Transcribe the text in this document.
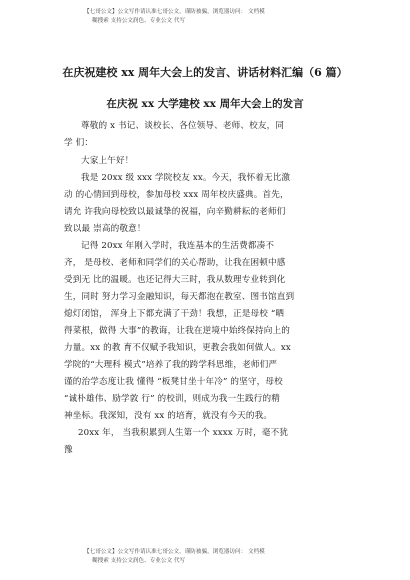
【七哥公文】公文写作请认准七哥公文，谨防被骗，浏览器访问： 文档模
糊搜索 支持公文润色、专业公文 代写
在庆祝建校 xx 周年大会上的发言、讲话材料汇编（6 篇）
在庆祝 xx 大学建校 xx 周年大会上的发言
尊敬的 x 书记、谈校长、各位领导、老师、校友，同
学 们：
大家上午好！
我是 20xx 级 xxx 学院校友 xx。今天，我怀着无比激
动 的心情回到母校，参加母校 xxx 周年校庆盛典。首先，
请允 许我向母校致以最诚挚的祝福，向辛勤耕耘的老师们
致以最 崇高的敬意！
记得 20xx 年刚入学时，我连基本的生活费都凑不
齐， 是母校、老师和同学们的关心帮助，让我在困顿中感
受到无 比的温暖。也还记得大三时，我从数理专业转到化
生，同时 努力学习金融知识，每天都泡在教室、图书馆直到
熄灯闭馆， 浑身上下都充满了干劲！我想，正是母校 “晒
得菜根，做得 大事”的教诲，让我在逆境中始终保持向上的
力量。xx 的教 育不仅赋予我知识，更教会我如何做人。xx
学院的“大理科 模式”培养了我的跨学科思维，老师们严
谨的治学态度让我 懂得 “板凳甘坐十年冷” 的坚守，母校
“诚朴雄伟、励学敦 行” 的校训，则成为我一生践行的精
神坐标。我深知，没有 xx 的培育，就没有今天的我。
20xx 年， 当我积累到人生第一个 xxxx 万时，毫不犹
豫
【七哥公文】公文写作请认准七哥公文，谨防被骗，浏览器访问： 文档模
糊搜索 支持公文润色、专业公文 代写
